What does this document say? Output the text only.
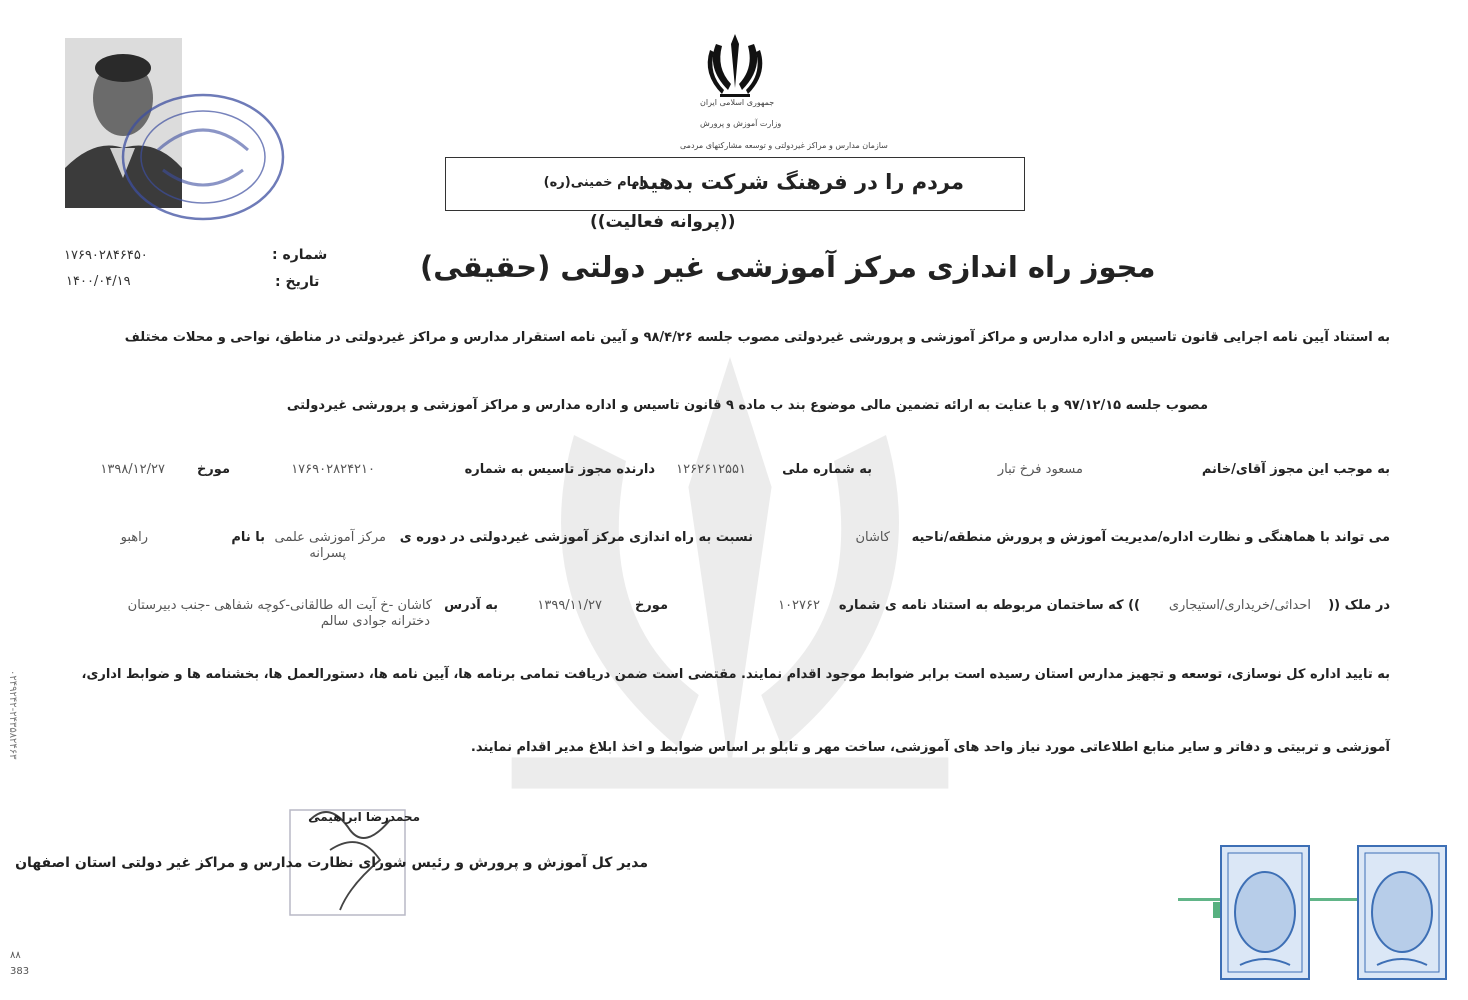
جمهوری اسلامی ایران
وزارت آموزش و پرورش
سازمان مدارس و مراکز غیردولتی و توسعه مشارکتهای مردمی
مردم را در فرهنگ شرکت بدهید.
امام خمینی(ره)
((پروانه فعالیت))
مجوز راه اندازی مرکز آموزشی غیر دولتی (حقیقی)
شماره :
۱۷۶۹۰۲۸۴۶۴۵۰
تاریخ :
۱۴۰۰/۰۴/۱۹
به استناد آیین نامه اجرایی قانون تاسیس و اداره مدارس و مراکز آموزشی و پرورشی غیردولتی مصوب جلسه ۹۸/۴/۲۶ و آیین نامه استقرار مدارس و مراکز غیردولتی در مناطق، نواحی و محلات مختلف
مصوب جلسه ۹۷/۱۲/۱۵ و با عنایت به ارائه تضمین مالی موضوع بند ب ماده ۹ قانون تاسیس و اداره مدارس و مراکز آموزشی و پرورشی غیردولتی
به موجب این مجوز آقای/خانم
مسعود فرخ تبار
به شماره ملی
۱۲۶۲۶۱۲۵۵۱
دارنده مجوز تاسیس به شماره
۱۷۶۹۰۲۸۲۴۲۱۰
مورخ
۱۳۹۸/۱۲/۲۷
می تواند با هماهنگی و نظارت اداره/مدیریت آموزش و پرورش منطقه/ناحیه
کاشان
نسبت به راه اندازی مرکز آموزشی غیردولتی در دوره ی
مرکز آموزشی علمی
پسرانه
با نام
راهبو
در ملک ((
احداثی/خریداری/استیجاری
)) که ساختمان مربوطه به استناد نامه ی شماره
۱۰۲۷۶۲
مورخ
۱۳۹۹/۱۱/۲۷
به آدرس
کاشان -خ آیت اله طالقانی-کوچه شفاهی -جنب دبیرستان
دخترانه جوادی سالم
به تایید اداره کل نوسازی، توسعه و تجهیز مدارس استان رسیده است برابر ضوابط موجود اقدام نمایند. مقتضی است ضمن دریافت تمامی برنامه ها، آیین نامه ها، دستورالعمل ها، بخشنامه ها و ضوابط اداری،
آموزشی و تربیتی و دفاتر و سایر منابع اطلاعاتی مورد نیاز واحد های آموزشی، ساخت مهر و تابلو بر اساس ضوابط و اخذ ابلاغ مدیر اقدام نمایند.
محمدرضا ابراهیمی
مدیر کل آموزش و پرورش و رئیس شورای نظارت مدارس و مراکز غیر دولتی استان اصفهان
۰۲۴۹۲۴۲-۲۴۳۵۸۲۴۶۳
۸۸
383
